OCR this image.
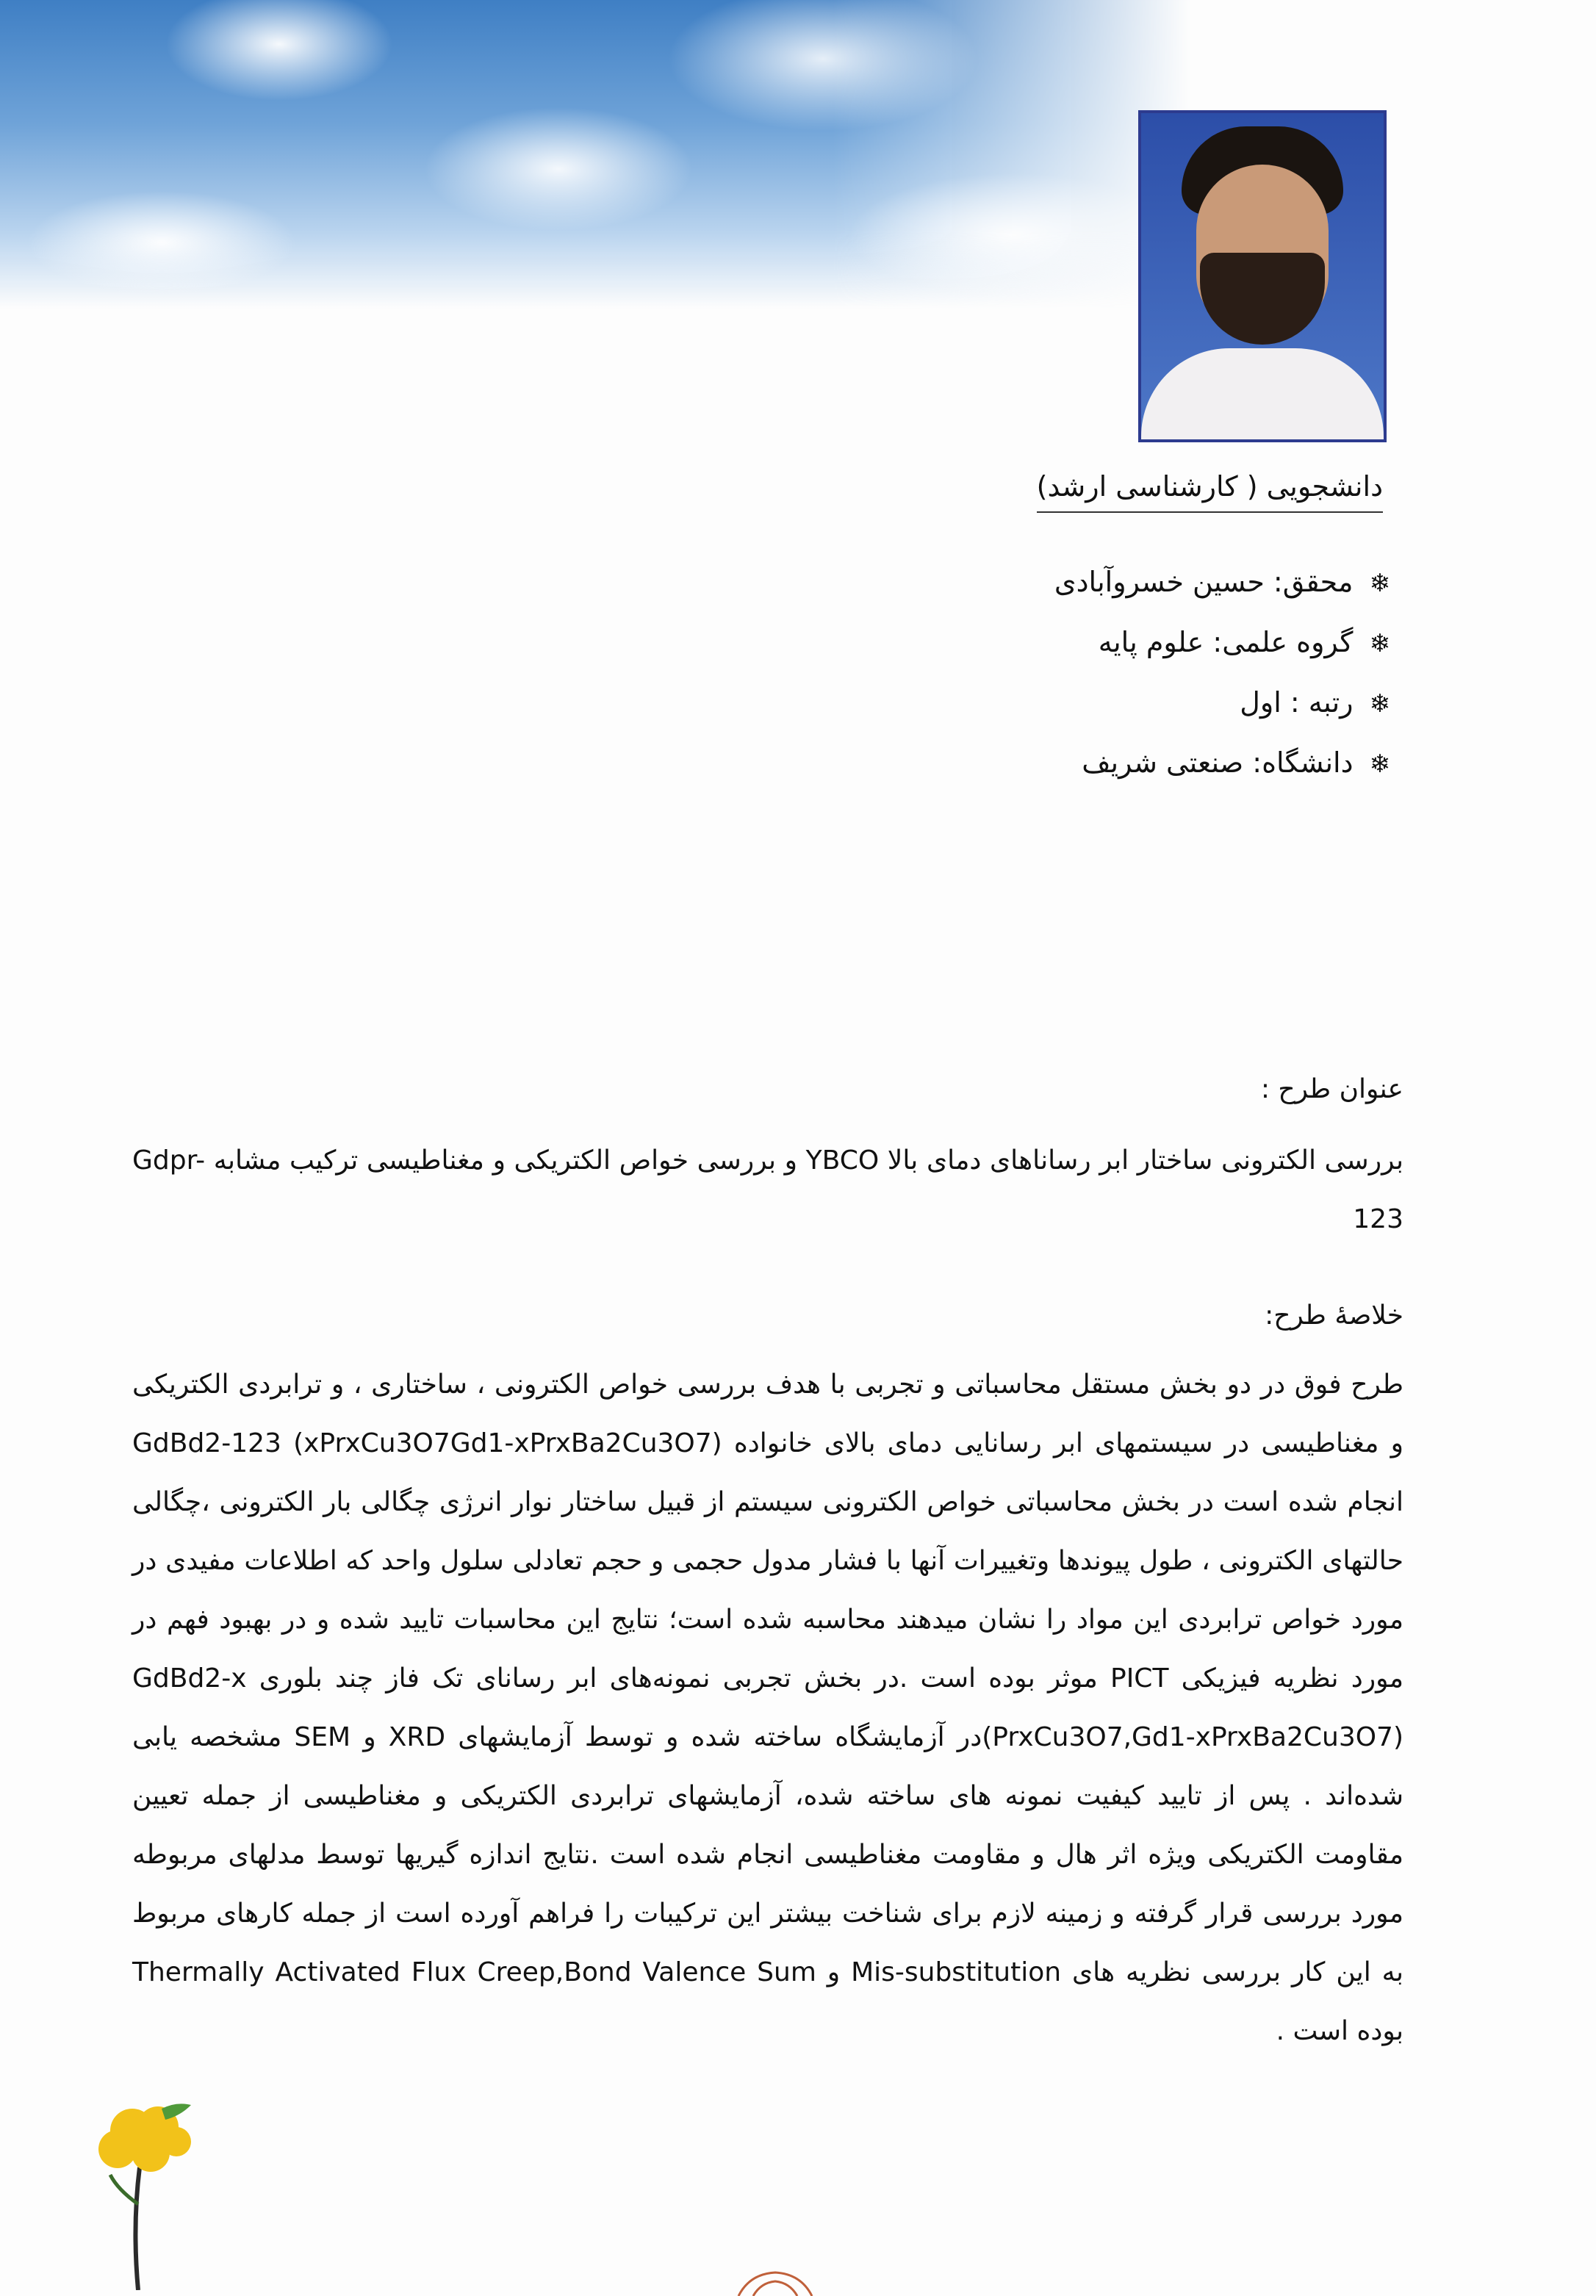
دانشجویی ( کارشناسی ارشد)
❄محقق: حسین خسروآبادی
❄گروه علمی: علوم پایه
❄رتبه : اول
❄دانشگاه: صنعتی شریف
عنوان طرح :
بررسی الکترونی ساختار ابر رساناهای دمای بالا YBCO و بررسی خواص الکتریکی و مغناطیسی ترکیب مشابه Gdpr-123
خلاصهٔ طرح:
طرح فوق در دو بخش مستقل محاسباتی و تجربی با هدف بررسی خواص الکترونی ، ساختاری ، و ترابردی الکتریکی و مغناطیسی در سیستمهای ابر رسانایی دمای بالای خانواده GdBd2-123 (xPrxCu3O7Gd1-xPrxBa2Cu3O7) انجام شده است در بخش محاسباتی خواص الکترونی سیستم از قبیل ساختار نوار انرژی چگالی بار الکترونی ،چگالی حالتهای الکترونی ، طول پیوندها وتغییرات آنها با فشار مدول حجمی و حجم تعادلی سلول واحد که اطلاعات مفیدی در مورد خواص ترابردی این مواد را نشان میدهند محاسبه شده است؛ نتایج این محاسبات تایید شده و در بهبود فهم در مورد نظریه فیزیکی PICT موثر بوده است .در بخش تجربی نمونه‌های ابر رسانای تک فاز چند بلوری GdBd2-x (PrxCu3O7,Gd1-xPrxBa2Cu3O7)در آزمایشگاه ساخته شده و توسط آزمایشهای XRD و SEM مشخصه یابی شده‌اند . پس از تایید کیفیت نمونه های ساخته شده، آزمایشهای ترابردی الکتریکی و مغناطیسی از جمله تعیین مقاومت الکتریکی ویژه اثر هال و مقاومت مغناطیسی انجام شده است .نتایج اندازه گیریها توسط مدلهای مربوطه مورد بررسی قرار گرفته و زمینه لازم برای شناخت بیشتر این ترکیبات را فراهم آورده است از جمله کارهای مربوط به این کار بررسی نظریه های Mis-substitution و Thermally Activated Flux Creep,Bond Valence Sum بوده است .
